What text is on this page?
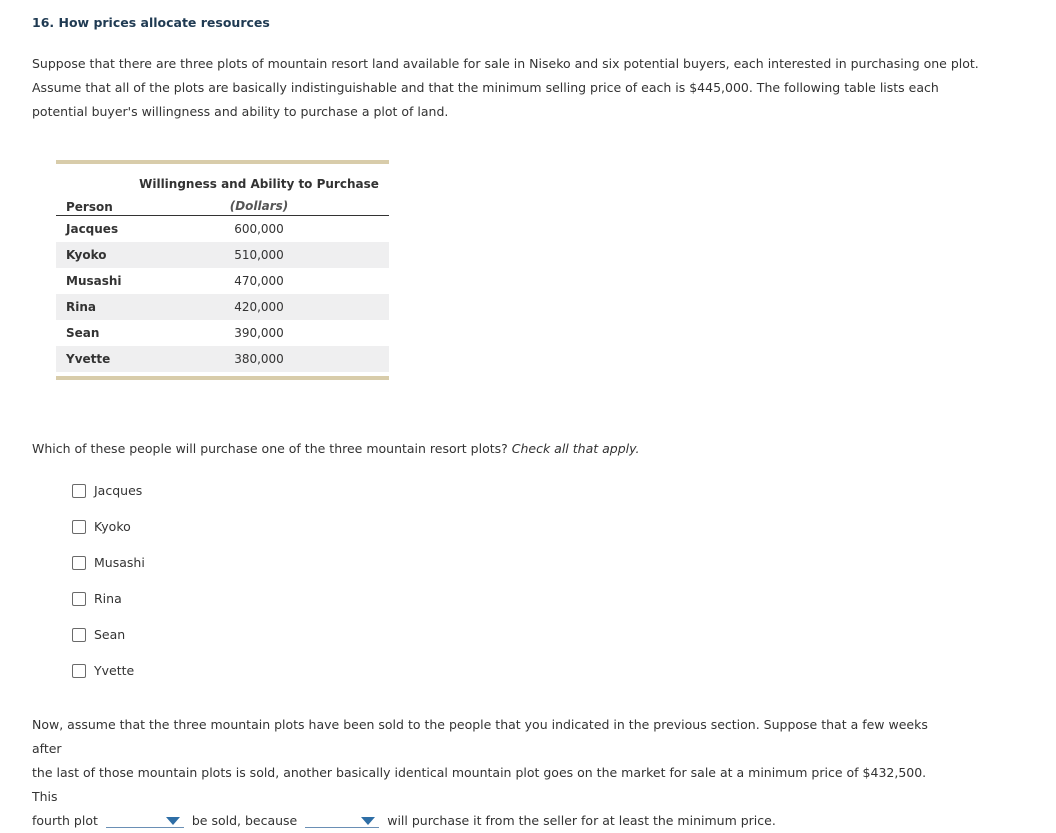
16. How prices allocate resources
Suppose that there are three plots of mountain resort land available for sale in Niseko and six potential buyers, each interested in purchasing one plot.
Assume that all of the plots are basically indistinguishable and that the minimum selling price of each is $445,000. The following table lists each
potential buyer's willingness and ability to purchase a plot of land.
Willingness and Ability to Purchase
Person	(Dollars)
Jacques	600,000
Kyoko	510,000
Musashi	470,000
Rina	420,000
Sean	390,000
Yvette	380,000
Which of these people will purchase one of the three mountain resort plots? Check all that apply.
Jacques
Kyoko
Musashi
Rina
Sean
Yvette
Now, assume that the three mountain plots have been sold to the people that you indicated in the previous section. Suppose that a few weeks after
the last of those mountain plots is sold, another basically identical mountain plot goes on the market for sale at a minimum price of $432,500. This
fourth plot	be sold, because	will purchase it from the seller for at least the minimum price.
